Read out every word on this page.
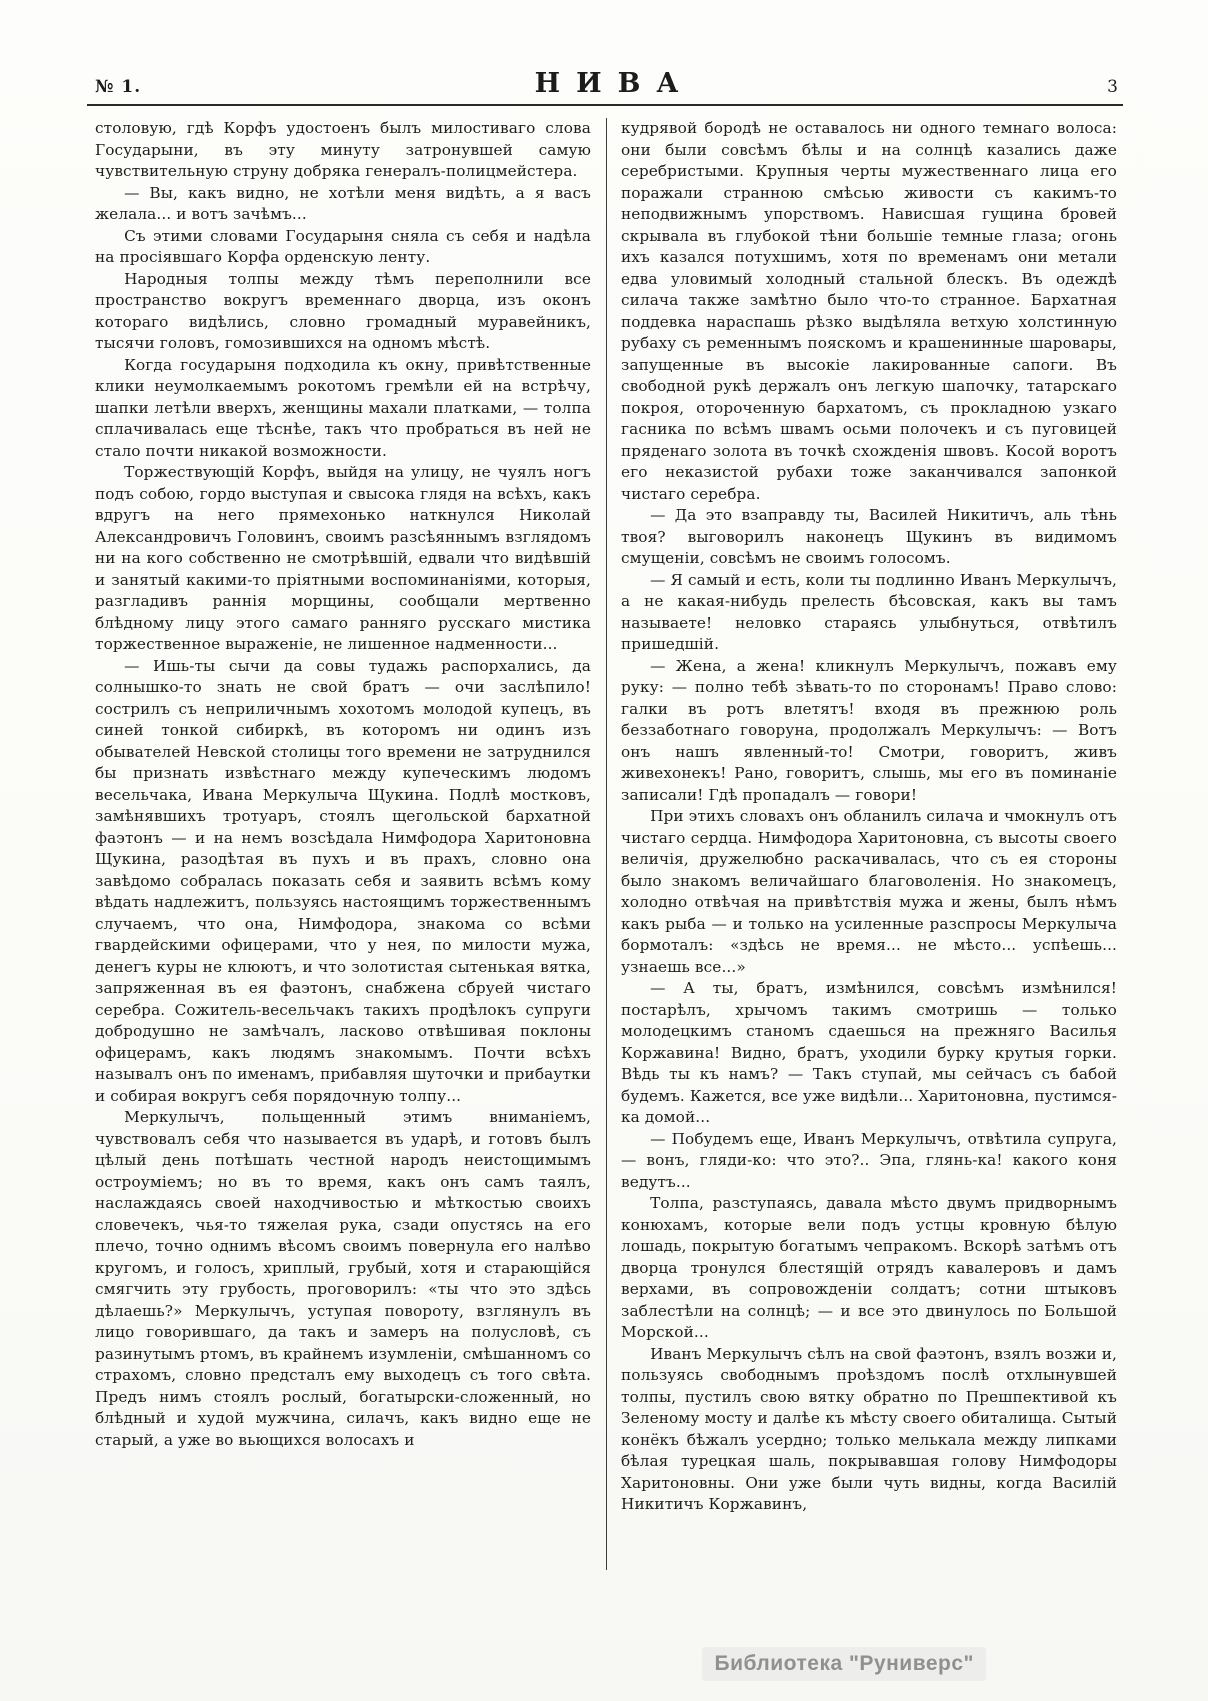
№ 1.	НИВА	3

столовую, гдѣ Корфъ удостоенъ былъ милостиваго слова Государыни, въ эту минуту затронувшей самую чувствительную струну добряка генералъ-полицмейстера.

— Вы, какъ видно, не хотѣли меня видѣть, а я васъ желала... и вотъ зачѣмъ...

Съ этими словами Государыня сняла съ себя и надѣла на просіявшаго Корфа орденскую ленту.

Народныя толпы между тѣмъ переполнили все пространство вокругъ временнаго дворца, изъ оконъ котораго видѣлись, словно громадный муравейникъ, тысячи головъ, гомозившихся на одномъ мѣстѣ.

Когда государыня подходила къ окну, привѣтственные клики неумолкаемымъ рокотомъ гремѣли ей на встрѣчу, шапки летѣли вверхъ, женщины махали платками, — толпа сплачивалась еще тѣснѣе, такъ что пробраться въ ней не стало почти никакой возможности.

Торжествующій Корфъ, выйдя на улицу, не чуялъ ногъ подъ собою, гордо выступая и свысока глядя на всѣхъ, какъ вдругъ на него прямехонько наткнулся Николай Александровичъ Головинъ, своимъ разсѣяннымъ взглядомъ ни на кого собственно не смотрѣвшій, едвали что видѣвшій и занятый какими-то пріятными воспоминаніями, которыя, разгладивъ раннія морщины, сообщали мертвенно блѣдному лицу этого самаго ранняго русскаго мистика торжественное выраженіе, не лишенное надменности...

— Ишь-ты сычи да совы тудажь распорхались, да солнышко-то знать не свой братъ — очи заслѣпило! сострилъ съ неприличнымъ хохотомъ молодой купецъ, въ синей тонкой сибиркѣ, въ которомъ ни одинъ изъ обывателей Невской столицы того времени не затруднился бы признать извѣстнаго между купеческимъ людомъ весельчака, Ивана Меркулыча Щукина. Подлѣ мостковъ, замѣнявшихъ тротуаръ, стоялъ щегольской бархатной фаэтонъ — и на немъ возсѣдала Нимфодора Харитоновна Щукина, разодѣтая въ пухъ и въ прахъ, словно она завѣдомо собралась показать себя и заявить всѣмъ кому вѣдать надлежитъ, пользуясь настоящимъ торжественнымъ случаемъ, что она, Нимфодора, знакома со всѣми гвардейскими офицерами, что у нея, по милости мужа, денегъ куры не клюютъ, и что золотистая сытенькая вятка, запряженная въ ея фаэтонъ, снабжена сбруей чистаго серебра. Сожитель-весельчакъ такихъ продѣлокъ супруги добродушно не замѣчалъ, ласково отвѣшивая поклоны офицерамъ, какъ людямъ знакомымъ. Почти всѣхъ называлъ онъ по именамъ, прибавляя шуточки и прибаутки и собирая вокругъ себя порядочную толпу...

Меркулычъ, польщенный этимъ вниманіемъ, чувствовалъ себя что называется въ ударѣ, и готовъ былъ цѣлый день потѣшать честной народъ неистощимымъ остроуміемъ; но въ то время, какъ онъ самъ таялъ, наслаждаясь своей находчивостью и мѣткостью своихъ словечекъ, чья-то тяжелая рука, сзади опустясь на его плечо, точно однимъ вѣсомъ своимъ повернула его налѣво кругомъ, и голосъ, хриплый, грубый, хотя и старающійся смягчить эту грубость, проговорилъ: «ты что это здѣсь дѣлаешь?» Меркулычъ, уступая повороту, взглянулъ въ лицо говорившаго, да такъ и замеръ на полусловѣ, съ разинутымъ ртомъ, въ крайнемъ изумленіи, смѣшанномъ со страхомъ, словно предсталъ ему выходецъ съ того свѣта. Предъ нимъ стоялъ рослый, богатырски-сложенный, но блѣдный и худой мужчина, силачъ, какъ видно еще не старый, а уже во вьющихся волосахъ и

кудрявой бородѣ не оставалось ни одного темнаго волоса: они были совсѣмъ бѣлы и на солнцѣ казались даже серебристыми. Крупныя черты мужественнаго лица его поражали странною смѣсью живости съ какимъ-то неподвижнымъ упорствомъ. Нависшая гущина бровей скрывала въ глубокой тѣни большіе темные глаза; огонь ихъ казался потухшимъ, хотя по временамъ они метали едва уловимый холодный стальной блескъ. Въ одеждѣ силача также замѣтно было что-то странное. Бархатная поддевка нараспашь рѣзко выдѣляла ветхую холстинную рубаху съ ременнымъ пояскомъ и крашенинные шаровары, запущенные въ высокіе лакированные сапоги. Въ свободной рукѣ держалъ онъ легкую шапочку, татарскаго покроя, отороченную бархатомъ, съ прокладною узкаго гасника по всѣмъ швамъ осьми полочекъ и съ пуговицей пряденаго золота въ точкѣ схожденія швовъ. Косой воротъ его неказистой рубахи тоже заканчивался запонкой чистаго серебра.

— Да это взаправду ты, Василей Никитичъ, аль тѣнь твоя? выговорилъ наконецъ Щукинъ въ видимомъ смущеніи, совсѣмъ не своимъ голосомъ.

— Я самый и есть, коли ты подлинно Иванъ Меркулычъ, а не какая-нибудь прелесть бѣсовская, какъ вы тамъ называете! неловко стараясь улыбнуться, отвѣтилъ пришедшій.

— Жена, а жена! кликнулъ Меркулычъ, пожавъ ему руку: — полно тебѣ зѣвать-то по сторонамъ! Право слово: галки въ ротъ влетятъ! входя въ прежнюю роль беззаботнаго говоруна, продолжалъ Меркулычъ: — Вотъ онъ нашъ явленный-то! Смотри, говоритъ, живъ живехонекъ! Рано, говоритъ, слышь, мы его въ поминаніе записали! Гдѣ пропадалъ — говори!

При этихъ словахъ онъ обланилъ силача и чмокнулъ отъ чистаго сердца. Нимфодора Харитоновна, съ высоты своего величія, дружелюбно раскачивалась, что съ ея стороны было знакомъ величайшаго благоволенія. Но знакомецъ, холодно отвѣчая на привѣтствія мужа и жены, былъ нѣмъ какъ рыба — и только на усиленные разспросы Меркулыча бормоталъ: «здѣсь не время... не мѣсто... успѣешь... узнаешь все...»

— А ты, братъ, измѣнился, совсѣмъ измѣнился! постарѣлъ, хрычомъ такимъ смотришь — только молодецкимъ станомъ сдаешься на прежняго Василья Коржавина! Видно, братъ, уходили бурку крутыя горки. Вѣдь ты къ намъ? — Такъ ступай, мы сейчасъ съ бабой будемъ. Кажется, все уже видѣли... Харитоновна, пустимся-ка домой...

— Побудемъ еще, Иванъ Меркулычъ, отвѣтила супруга, — вонъ, гляди-ко: что это?.. Эпа, глянь-ка! какого коня ведутъ...

Толпа, разступаясь, давала мѣсто двумъ придворнымъ конюхамъ, которые вели подъ устцы кровную бѣлую лошадь, покрытую богатымъ чепракомъ. Вскорѣ затѣмъ отъ дворца тронулся блестящій отрядъ кавалеровъ и дамъ верхами, въ сопровожденіи солдатъ; сотни штыковъ заблестѣли на солнцѣ; — и все это двинулось по Большой Морской...

Иванъ Меркулычъ сѣлъ на свой фаэтонъ, взялъ возжи и, пользуясь свободнымъ проѣздомъ послѣ отхлынувшей толпы, пустилъ свою вятку обратно по Прешпективой къ Зеленому мосту и далѣе къ мѣсту своего обиталища. Сытый конёкъ бѣжалъ усердно; только мелькала между липками бѣлая турецкая шаль, покрывавшая голову Нимфодоры Харитоновны. Они уже были чуть видны, когда Василій Никитичъ Коржавинъ,

Библиотека "Руниверс"
